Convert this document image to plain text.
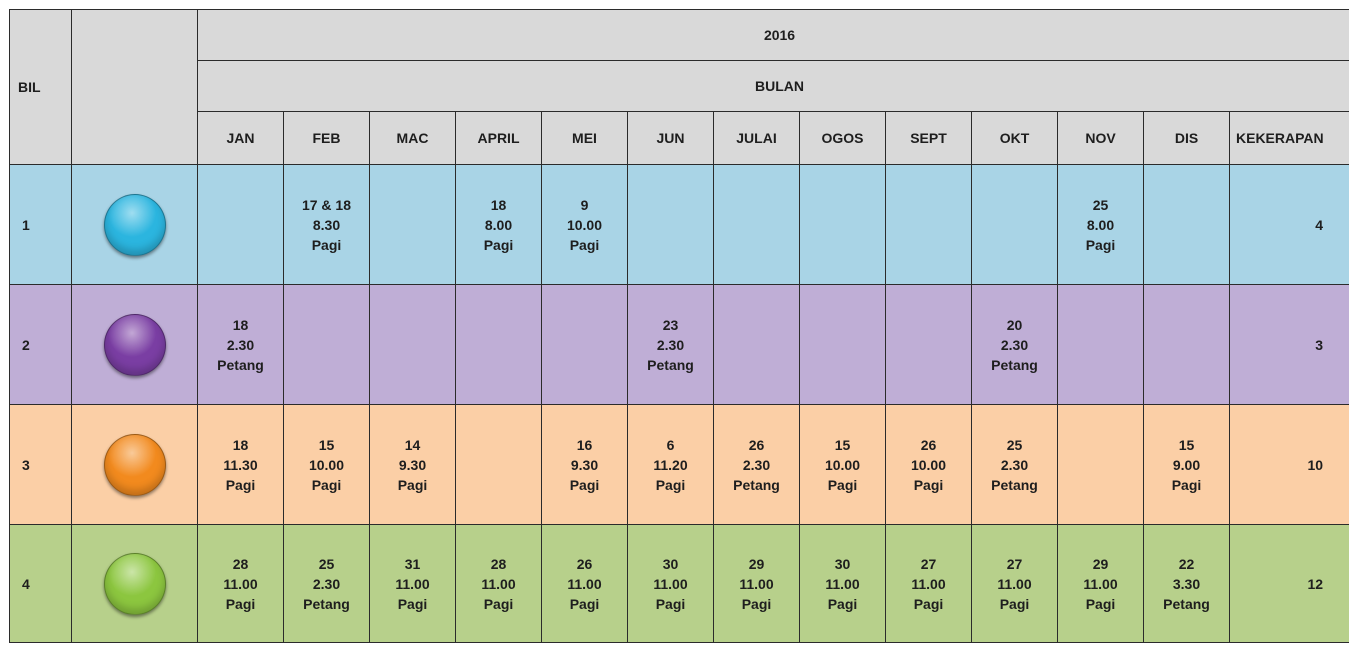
BIL		2016												
		BULAN												
		JAN	FEB	MAC	APRIL	MEI	JUN	JULAI	OGOS	SEPT	OKT	NOV	DIS	KEKERAPAN
1			17 & 18
8.30
Pagi		18
8.00
Pagi	9
10.00
Pagi						25
8.00
Pagi		4
2		18
2.30
Petang					23
2.30
Petang				20
2.30
Petang			3
3		18
11.30
Pagi	15
10.00
Pagi	14
9.30
Pagi		16
9.30
Pagi	6
11.20
Pagi	26
2.30
Petang	15
10.00
Pagi	26
10.00
Pagi	25
2.30
Petang		15
9.00
Pagi	10
4		28
11.00
Pagi	25
2.30
Petang	31
11.00
Pagi	28
11.00
Pagi	26
11.00
Pagi	30
11.00
Pagi	29
11.00
Pagi	30
11.00
Pagi	27
11.00
Pagi	27
11.00
Pagi	29
11.00
Pagi	22
3.30
Petang	12
